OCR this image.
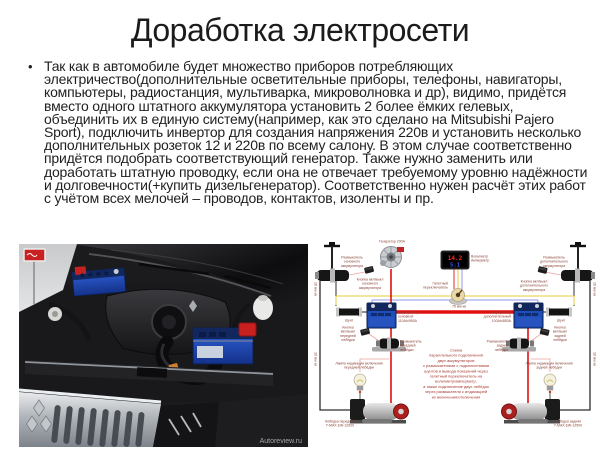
Доработка электросети
• Так как в автомобиле будет множество приборов потребляющих электричество(дополнительные осветительные приборы, телефоны, навигаторы, компьютеры, радиостанция, мультиварка, микроволновка и др), видимо, придётся вместо одного штатного аккумулятора установить 2 более ёмких гелевых, объединить их в единую систему(например, как это сделано на Mitsubishi Pajero Sport), подключить инвертор для создания напряжения 220в и установить несколько дополнительных розеток 12 и 220в по всему салону. В этом случае соответственно придётся подобрать соответствующий генератор. Также нужно заменить или доработать штатную проводку, если она не отвечает требуемому уровню надёжности и долговечности(+купить дизельгенератор). Соответственно нужен расчёт этих работ с учётом всех мелочей – проводов, контактов, изоленты и пр.
Autoreview.ru
14.2
5.1
Генератор 200А
Размыкатель
основного
аккумулятора
Кнопка вкл/выкл
основного
аккумулятора
Вольтметр
Амперметр
Галетный
переключатель
Размыкатель
дополнительного
аккумулятора
Кнопка вкл/выкл
дополнительного
аккумулятора
Аккумулятор
основной
110Ah/950A
Аккумулятор
дополнительный
100Ah/850A
Шунт	Шунт
Кнопка
вкл/выкл
передней
лебёдки
Кнопка
вкл/выкл
задней
лебёдки
Размыкатель
передней
лебёдки
Размыкатель
задней
лебёдки
Лампа индикации включения
передней лебёдки
Лампа индикации включения
задней лебёдки
Лебёдка передняя
T-MAX EW-12500
Лебёдка задняя
T-MAX EW-12500
75 мм кв
16 мм кв	16 мм кв
16 мм кв	16 мм кв
Схема
параллельного подключения
двух аккумуляторов
с размыкателями с подключениями
шунтов и вывода показаний через
галетный переключатель на
вольтметр/амперметр,
а также подключение двух лебёдок
через размыкатели с индикацией
их включения/отключения
